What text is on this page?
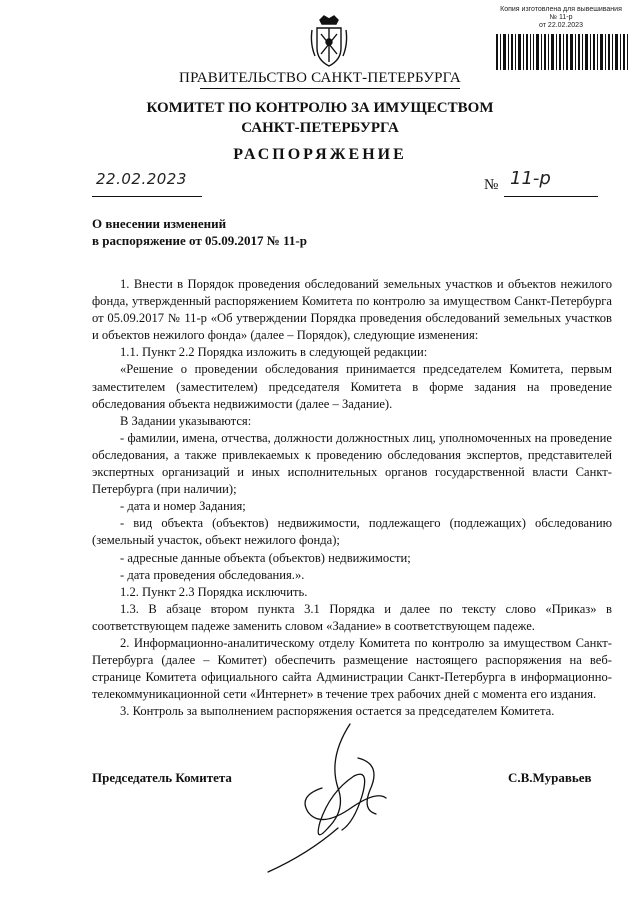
Копия изготовлена для вывешивания
№ 11-р
от 22.02.2023
ПРАВИТЕЛЬСТВО САНКТ-ПЕТЕРБУРГА
КОМИТЕТ ПО КОНТРОЛЮ ЗА ИМУЩЕСТВОМ
САНКТ-ПЕТЕРБУРГА
РАСПОРЯЖЕНИЕ
22.02.2023	№ 11-р
О внесении изменений
в распоряжение от 05.09.2017 № 11-р

1. Внести в Порядок проведения обследований земельных участков и объектов нежилого фонда, утвержденный распоряжением Комитета по контролю за имуществом Санкт-Петербурга от 05.09.2017 № 11-р «Об утверждении Порядка проведения обследований земельных участков и объектов нежилого фонда» (далее – Порядок), следующие изменения:

1.1. Пункт 2.2 Порядка изложить в следующей редакции:

«Решение о проведении обследования принимается председателем Комитета, первым заместителем (заместителем) председателя Комитета в форме задания на проведение обследования объекта недвижимости (далее – Задание).

В Задании указываются:

- фамилии, имена, отчества, должности должностных лиц, уполномоченных на проведение обследования, а также привлекаемых к проведению обследования экспертов, представителей экспертных организаций и иных исполнительных органов государственной власти Санкт-Петербурга (при наличии);

- дата и номер Задания;

- вид объекта (объектов) недвижимости, подлежащего (подлежащих) обследованию (земельный участок, объект нежилого фонда);

- адресные данные объекта (объектов) недвижимости;

- дата проведения обследования.».

1.2. Пункт 2.3 Порядка исключить.

1.3. В абзаце втором пункта 3.1 Порядка и далее по тексту слово «Приказ» в соответствующем падеже заменить словом «Задание» в соответствующем падеже.

2. Информационно-аналитическому отделу Комитета по контролю за имуществом Санкт-Петербурга (далее – Комитет) обеспечить размещение настоящего распоряжения на веб-странице Комитета официального сайта Администрации Санкт-Петербурга в информационно-телекоммуникационной сети «Интернет» в течение трех рабочих дней с момента его издания.

3. Контроль за выполнением распоряжения остается за председателем Комитета.

Председатель Комитета	С.В.Муравьев
